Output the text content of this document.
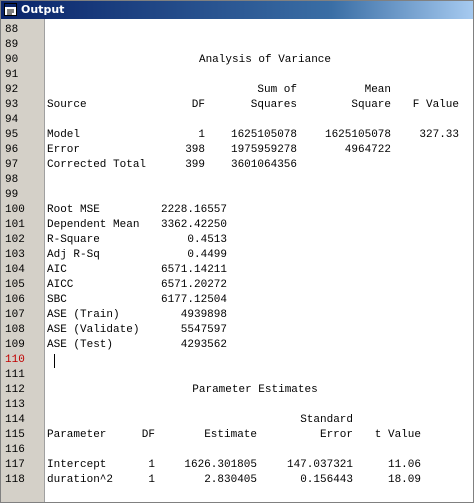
Output
88
89
90
91
92
93
94
95
96
97
98
99
100
101
102
103
104
105
106
107
108
109
110
111
112
113
114
115
116
117
118
Analysis of Variance
Sum of	Mean
Source	DF	Squares	Square	F Value
Model	1	1625105078	1625105078	327.33
Error	398	1975959278	4964722
Corrected Total	399	3601064356
Root MSE	2228.16557
Dependent Mean	3362.42250
R-Square	0.4513
Adj R-Sq	0.4499
AIC	6571.14211
AICC	6571.20272
SBC	6177.12504
ASE (Train)	4939898
ASE (Validate)	5547597
ASE (Test)	4293562
Parameter Estimates
Standard
Parameter	DF	Estimate	Error	t Value
Intercept	1	1626.301805	147.037321	11.06
duration^2	1	2.830405	0.156443	18.09
